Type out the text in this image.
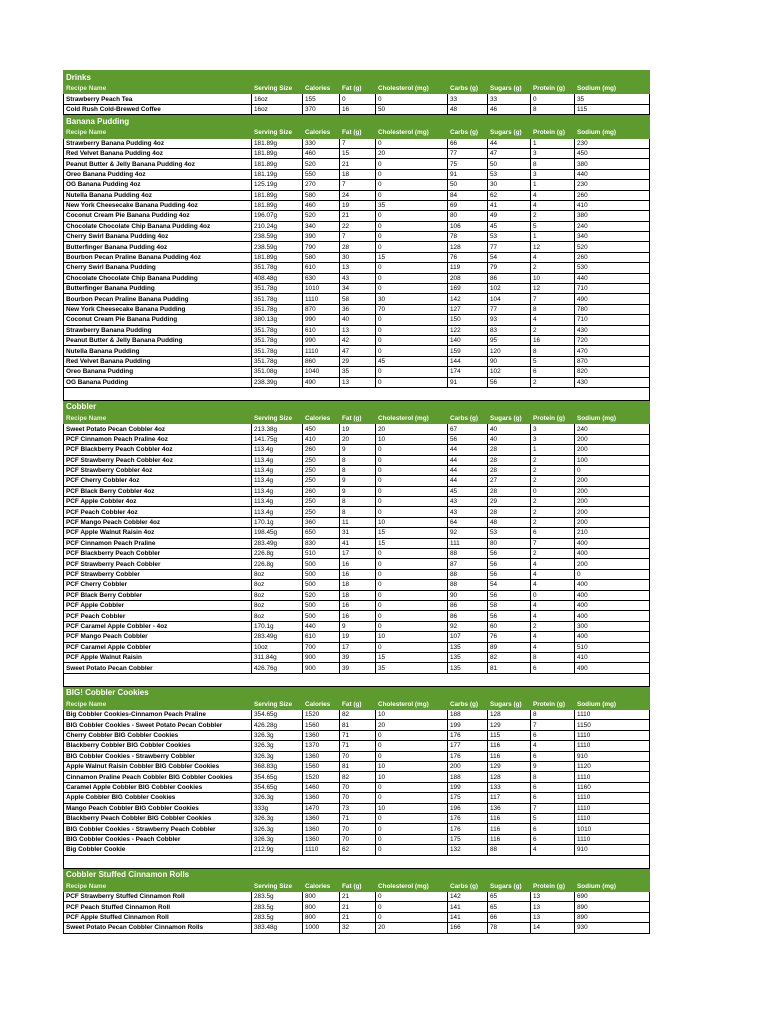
Drinks								
Recipe Name	Serving Size	Calories	Fat (g)	Cholesterol (mg)	Carbs (g)	Sugars (g)	Protein (g)	Sodium (mg)
Strawberry Peach Tea	16oz	155	0	0	33	33	0	35
Cold Rush Cold-Brewed Coffee	16oz	370	16	50	48	46	8	115
Banana Pudding								
Recipe Name	Serving Size	Calories	Fat (g)	Cholesterol (mg)	Carbs (g)	Sugars (g)	Protein (g)	Sodium (mg)
Strawberry Banana Pudding 4oz	181.89g	330	7	0	66	44	1	230
Red Velvet Banana Pudding 4oz	181.89g	460	15	20	77	47	3	450
Peanut Butter & Jelly Banana Pudding 4oz	181.89g	520	21	0	75	50	8	380
Oreo Banana Pudding 4oz	181.19g	550	18	0	91	53	3	440
OG Banana Pudding 4oz	125.19g	270	7	0	50	30	1	230
Nutella Banana Pudding 4oz	181.89g	580	24	0	84	62	4	260
New York Cheesecake Banana Pudding 4oz	181.89g	460	19	35	69	41	4	410
Coconut Cream Pie Banana Pudding 4oz	196.07g	520	21	0	80	49	2	380
Chocolate Chocolate Chip Banana Pudding 4oz	210.24g	340	22	0	106	45	5	240
Cherry Swirl Banana Pudding 4oz	238.59g	390	7	0	78	53	1	340
Butterfinger Banana Pudding 4oz	238.59g	790	28	0	128	77	12	520
Bourbon Pecan Praline Banana Pudding 4oz	181.89g	580	30	15	76	54	4	260
Cherry Swirl Banana Pudding	351.78g	610	13	0	119	79	2	530
Chocolate Chocolate Chip Banana Pudding	408.48g	630	43	0	208	86	10	440
Butterfinger Banana Pudding	351.78g	1010	34	0	169	102	12	710
Bourbon Pecan Praline Banana Pudding	351.78g	1110	58	30	142	104	7	490
New York Cheesecake Banana Pudding	351.78g	870	36	70	127	77	8	780
Coconut Cream Pie Banana Pudding	380.13g	990	40	0	150	93	4	710
Strawberry Banana Pudding	351.78g	610	13	0	122	83	2	430
Peanut Butter & Jelly Banana Pudding	351.78g	990	42	0	140	95	16	720
Nutella Banana Pudding	351.78g	1110	47	0	159	120	8	470
Red Velvet Banana Pudding	351.78g	860	29	45	144	90	5	870
Oreo Banana Pudding	351.08g	1040	35	0	174	102	6	820
OG Banana Pudding	238.39g	490	13	0	91	56	2	430

Cobbler								
Recipe Name	Serving Size	Calories	Fat (g)	Cholesterol (mg)	Carbs (g)	Sugars (g)	Protein (g)	Sodium (mg)
Sweet Potato Pecan Cobbler 4oz	213.38g	450	19	20	67	40	3	240
PCF Cinnamon Peach Praline 4oz	141.75g	410	20	10	56	40	3	200
PCF Blackberry Peach Cobbler 4oz	113.4g	260	9	0	44	28	1	200
PCF Strawberry Peach Cobbler 4oz	113.4g	250	8	0	44	28	2	100
PCF Strawberry Cobbler 4oz	113.4g	250	8	0	44	28	2	0
PCF Cherry Cobbler 4oz	113.4g	250	9	0	44	27	2	200
PCF Black Berry Cobbler 4oz	113.4g	260	9	0	45	28	0	200
PCF Apple Cobbler 4oz	113.4g	250	8	0	43	29	2	200
PCF Peach Cobbler 4oz	113.4g	250	8	0	43	28	2	200
PCF Mango Peach Cobbler 4oz	170.1g	360	11	10	64	48	2	200
PCF Apple Walnut Raisin 4oz	198.45g	650	31	15	92	53	6	210
PCF Cinnamon Peach Praline	283.49g	830	41	15	111	80	7	400
PCF Blackberry Peach Cobbler	226.8g	510	17	0	88	56	2	400
PCF Strawberry Peach Cobbler	226.8g	500	16	0	87	56	4	200
PCF Strawberry Cobbler	8oz	500	16	0	88	56	4	0
PCF Cherry Cobbler	8oz	500	18	0	88	54	4	400
PCF Black Berry Cobbler	8oz	520	18	0	90	56	0	400
PCF Apple Cobbler	8oz	500	16	0	86	58	4	400
PCF Peach Cobbler	8oz	500	16	0	86	56	4	400
PCF Caramel Apple Cobbler - 4oz	170.1g	440	9	0	92	60	2	300
PCF Mango Peach Cobbler	283.49g	610	19	10	107	76	4	400
PCF Caramel Apple Cobbler	10oz	700	17	0	135	89	4	510
PCF Apple Walnut Raisin	311.84g	900	39	15	135	82	8	410
Sweet Potato Pecan Cobbler	426.76g	900	39	35	135	81	6	490

BIG! Cobbler Cookies								
Recipe Name	Serving Size	Calories	Fat (g)	Cholesterol (mg)	Carbs (g)	Sugars (g)	Protein (g)	Sodium (mg)
Big Cobbler Cookies-Cinnamon Peach Praline	354.65g	1520	82	10	188	128	8	1110
BIG Cobbler Cookies - Sweet Potato Pecan Cobbler	426.28g	1560	81	20	199	129	7	1150
Cherry Cobbler BIG Cobbler Cookies	326.3g	1360	71	0	176	115	6	1110
Blackberry Cobbler BIG Cobbler Cookies	326.3g	1370	71	0	177	116	4	1110
BIG Cobbler Cookies - Strawberry Cobbler	326.3g	1360	70	0	176	116	6	910
Apple Walnut Raisin Cobbler BIG Cobbler Cookies	368.83g	1560	81	10	200	129	9	1120
Cinnamon Praline Peach Cobbler BIG Cobbler Cookies	354.65g	1520	82	10	188	128	8	1110
Caramel Apple Cobbler BIG Cobbler Cookies	354.65g	1460	70	0	199	133	6	1160
Apple Cobbler BIG Cobbler Cookies	326.3g	1360	70	0	175	117	6	1110
Mango Peach Cobbler BIG Cobbler Cookies	333g	1470	73	10	196	136	7	1110
Blackberry Peach Cobbler BIG Cobbler Cookies	326.3g	1360	71	0	176	116	5	1110
BIG Cobbler Cookies - Strawberry Peach Cobbler	326.3g	1360	70	0	176	116	6	1010
BIG Cobbler Cookies - Peach Cobbler	326.3g	1360	70	0	175	116	6	1110
Big Cobbler Cookie	212.9g	1110	62	0	132	88	4	910

Cobbler Stuffed Cinnamon Rolls								
Recipe Name	Serving Size	Calories	Fat (g)	Cholesterol (mg)	Carbs (g)	Sugars (g)	Protein (g)	Sodium (mg)
PCF Strawberry Stuffed Cinnamon Roll	283.5g	800	21	0	142	65	13	690
PCF Peach Stuffed Cinnamon Roll	283.5g	800	21	0	141	65	13	890
PCF Apple Stuffed Cinnamon Roll	283.5g	800	21	0	141	66	13	890
Sweet Potato Pecan Cobbler Cinnamon Rolls	383.48g	1000	32	20	166	78	14	930
